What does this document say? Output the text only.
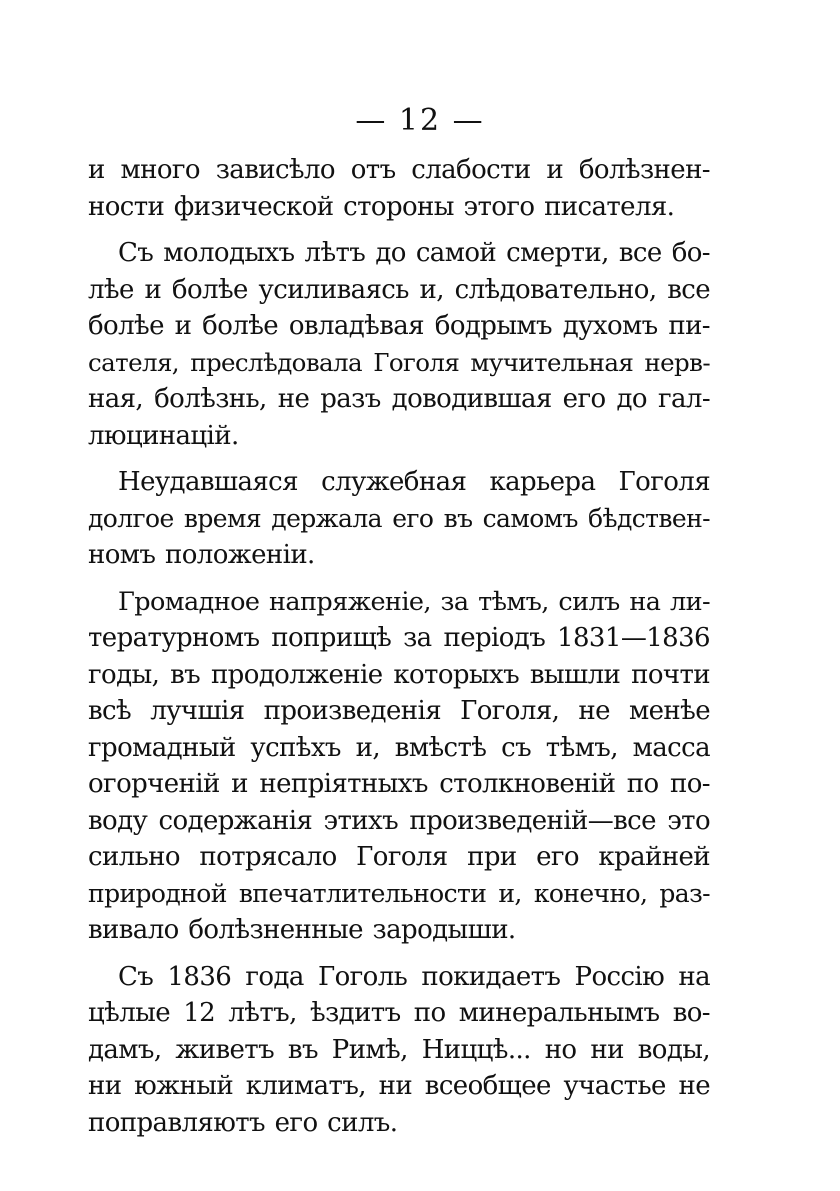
— 12 —
и много зависѣло отъ слабости и болѣзнен-
ности физической стороны этого писателя.
Съ молодыхъ лѣтъ до самой смерти, все бо-
лѣе и болѣе усиливаясь и, слѣдовательно, все
болѣе и болѣе овладѣвая бодрымъ духомъ пи-
сателя, преслѣдовала Гоголя мучительная нерв-
ная, болѣзнь, не разъ доводившая его до гал-
люцинацій.
Неудавшаяся служебная карьера Гоголя
долгое время держала его въ самомъ бѣдствен-
номъ положеніи.
Громадное напряженіе, за тѣмъ, силъ на ли-
тературномъ поприщѣ за періодъ 1831—1836
годы, въ продолженіе которыхъ вышли почти
всѣ лучшія произведенія Гоголя, не менѣе
громадный успѣхъ и, вмѣстѣ съ тѣмъ, масса
огорченій и непріятныхъ столкновеній по по-
воду содержанія этихъ произведеній—все это
сильно потрясало Гоголя при его крайней
природной впечатлительности и, конечно, раз-
вивало болѣзненные зародыши.
Съ 1836 года Гоголь покидаетъ Россію на
цѣлые 12 лѣтъ, ѣздитъ по минеральнымъ во-
дамъ, живетъ въ Римѣ, Ниццѣ... но ни воды,
ни южный климатъ, ни всеобщее участье не
поправляютъ его силъ.
